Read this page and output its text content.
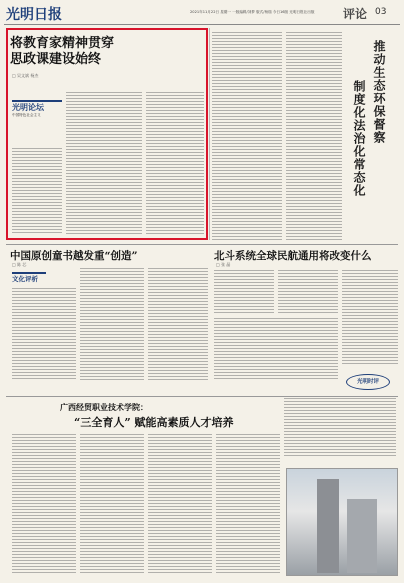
光明日报	2021年11月22日 星期一 一版编辑/刘梦 版式/杨瑞 今日16版 光明日报社出版 评论 03
将教育家精神贯穿
思政课建设始终
□ 吴文斌 杨杰
光明论坛
中国特色社会主义	推动生态环保督察
制度化法治化常态化
北斗系统全球民航通用将改变什么
□ 张 晶
光明时评
中国原创童书越发重“创造”
□ 陈 芯
文化评析
广西经贸职业技术学院：
“三全育人” 赋能高素质人才培养
